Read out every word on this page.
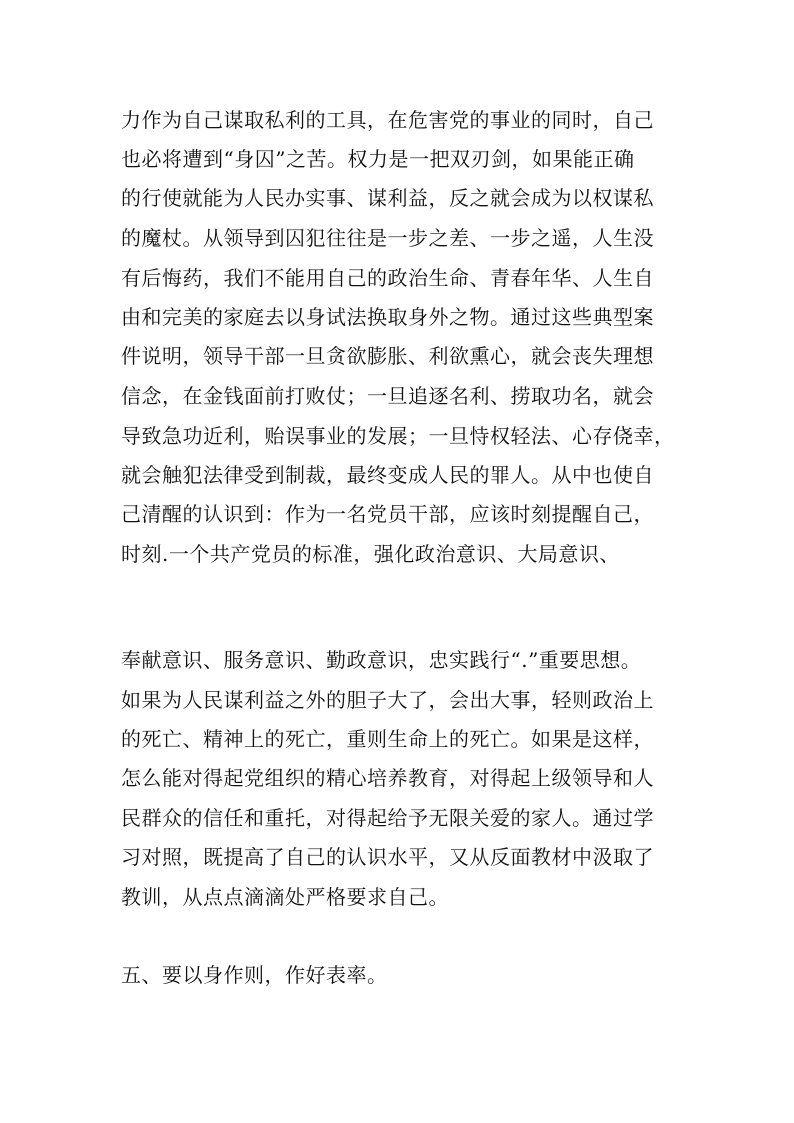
力作为自己谋取私利的工具，在危害党的事业的同时，自己
也必将遭到“身囚”之苦。权力是一把双刃剑，如果能正确
的行使就能为人民办实事、谋利益，反之就会成为以权谋私
的魔杖。从领导到囚犯往往是一步之差、一步之遥，人生没
有后悔药，我们不能用自己的政治生命、青春年华、人生自
由和完美的家庭去以身试法换取身外之物。通过这些典型案
件说明，领导干部一旦贪欲膨胀、利欲熏心，就会丧失理想
信念，在金钱面前打败仗；一旦追逐名利、捞取功名，就会
导致急功近利，贻误事业的发展；一旦恃权轻法、心存侥幸，
就会触犯法律受到制裁，最终变成人民的罪人。从中也使自
己清醒的认识到：作为一名党员干部，应该时刻提醒自己，
时刻.一个共产党员的标准，强化政治意识、大局意识、
奉献意识、服务意识、勤政意识，忠实践行“.”重要思想。
如果为人民谋利益之外的胆子大了，会出大事，轻则政治上
的死亡、精神上的死亡，重则生命上的死亡。如果是这样，
怎么能对得起党组织的精心培养教育，对得起上级领导和人
民群众的信任和重托，对得起给予无限关爱的家人。通过学
习对照，既提高了自己的认识水平，又从反面教材中汲取了
教训，从点点滴滴处严格要求自己。
五、要以身作则，作好表率。
